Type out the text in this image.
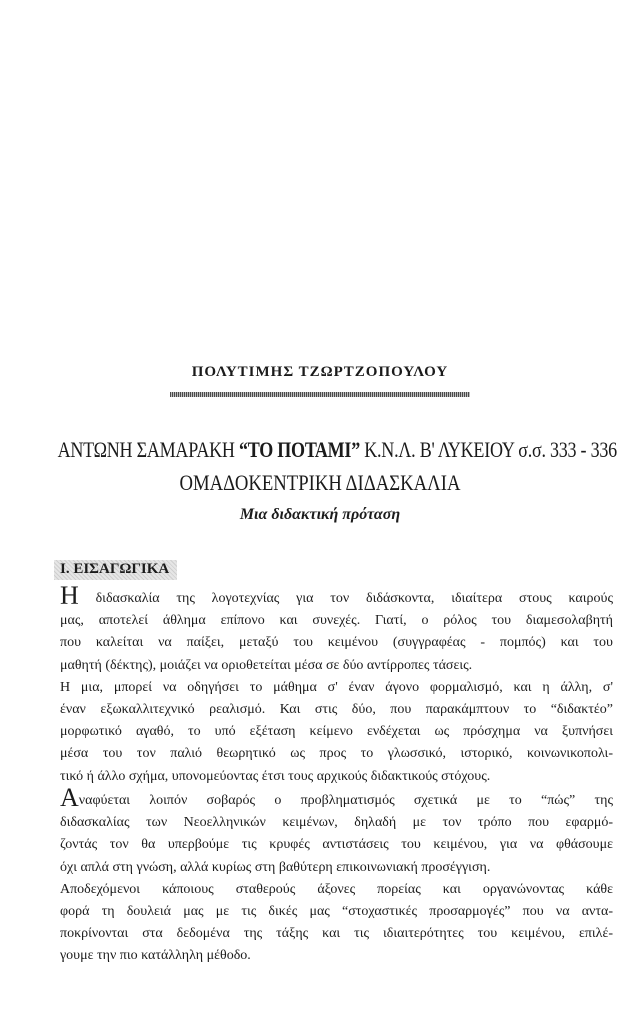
ΠΟΛΥΤΙΜΗΣ ΤΖΩΡΤΖΟΠΟΥΛΟΥ
ΑΝΤΩΝΗ ΣΑΜΑΡΑΚΗ “ΤΟ ΠΟΤΑΜΙ” Κ.Ν.Λ. Β' ΛΥΚΕΙΟΥ σ.σ. 333 - 336
ΟΜΑΔΟΚΕΝΤΡΙΚΗ ΔΙΔΑΣΚΑΛΙΑ
Μια διδακτική πρόταση
Ι. ΕΙΣΑΓΩΓΙΚΑ
Η διδασκαλία της λογοτεχνίας για τον διδάσκοντα, ιδιαίτερα στους καιρούς
μας, αποτελεί άθλημα επίπονο και συνεχές. Γιατί, ο ρόλος του διαμεσολαβητή
που καλείται να παίξει, μεταξύ του κειμένου (συγγραφέας - πομπός) και του
μαθητή (δέκτης), μοιάζει να οριοθετείται μέσα σε δύο αντίρροπες τάσεις.
Η μια, μπορεί να οδηγήσει το μάθημα σ' έναν άγονο φορμαλισμό, και η άλλη, σ'
έναν εξωκαλλιτεχνικό ρεαλισμό. Και στις δύο, που παρακάμπτουν το “διδακτέο”
μορφωτικό αγαθό, το υπό εξέταση κείμενο ενδέχεται ως πρόσχημα να ξυπνήσει
μέσα του τον παλιό θεωρητικό ως προς το γλωσσικό, ιστορικό, κοινωνικοπολι-
τικό ή άλλο σχήμα, υπονομεύοντας έτσι τους αρχικούς διδακτικούς στόχους.
Αναφύεται λοιπόν σοβαρός ο προβληματισμός σχετικά με το “πώς” της
διδασκαλίας των Νεοελληνικών κειμένων, δηλαδή με τον τρόπο που εφαρμό-
ζοντάς τον θα υπερβούμε τις κρυφές αντιστάσεις του κειμένου, για να φθάσουμε
όχι απλά στη γνώση, αλλά κυρίως στη βαθύτερη επικοινωνιακή προσέγγιση.
Αποδεχόμενοι κάποιους σταθερούς άξονες πορείας και οργανώνοντας κάθε
φορά τη δουλειά μας με τις δικές μας “στοχαστικές προσαρμογές” που να αντα-
ποκρίνονται στα δεδομένα της τάξης και τις ιδιαιτερότητες του κειμένου, επιλέ-
γουμε την πιο κατάλληλη μέθοδο.
